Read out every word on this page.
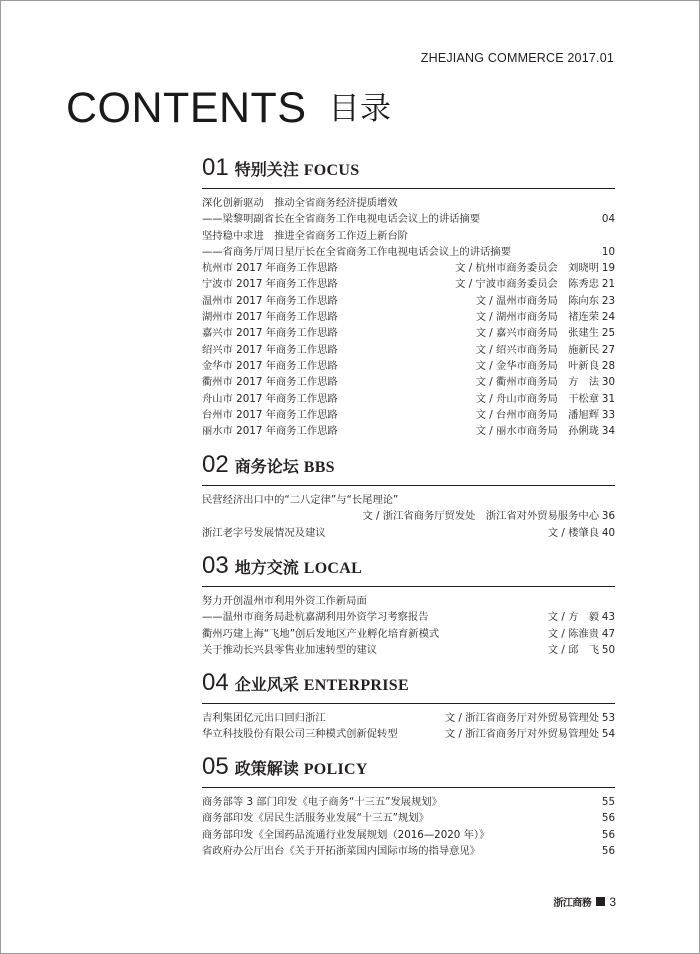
ZHEJIANG COMMERCE 2017.01
CONTENTS 目录
01 特别关注 FOCUS
深化创新驱动　推动全省商务经济提质增效
——梁黎明副省长在全省商务工作电视电话会议上的讲话摘要	04
坚持稳中求进　推进全省商务工作迈上新台阶
——省商务厅周日星厅长在全省商务工作电视电话会议上的讲话摘要	10
杭州市 2017 年商务工作思路	文 / 杭州市商务委员会　刘晓明 19
宁波市 2017 年商务工作思路	文 / 宁波市商务委员会　陈秀忠 21
温州市 2017 年商务工作思路	文 / 温州市商务局　陈向东 23
湖州市 2017 年商务工作思路	文 / 湖州市商务局　褚连荣 24
嘉兴市 2017 年商务工作思路	文 / 嘉兴市商务局　张建生 25
绍兴市 2017 年商务工作思路	文 / 绍兴市商务局　施新民 27
金华市 2017 年商务工作思路	文 / 金华市商务局　叶新良 28
衢州市 2017 年商务工作思路	文 / 衢州市商务局　方　法 30
舟山市 2017 年商务工作思路	文 / 舟山市商务局　干松章 31
台州市 2017 年商务工作思路	文 / 台州市商务局　潘旭辉 33
丽水市 2017 年商务工作思路	文 / 丽水市商务局　孙俐珑 34
02 商务论坛 BBS
民营经济出口中的“二八定律”与“长尾理论”
文 / 浙江省商务厅贸发处　浙江省对外贸易服务中心 36
浙江老字号发展情况及建议	文 / 楼肇良 40
03 地方交流 LOCAL
努力开创温州市利用外资工作新局面
——温州市商务局赴杭嘉湖利用外资学习考察报告	文 / 方　毅 43
衢州巧建上海“飞地”创后发地区产业孵化培育新模式	文 / 陈淮贵 47
关于推动长兴县零售业加速转型的建议	文 / 邱　飞 50
04 企业风采 ENTERPRISE
吉利集团亿元出口回归浙江	文 / 浙江省商务厅对外贸易管理处 53
华立科技股份有限公司三种模式创新促转型	文 / 浙江省商务厅对外贸易管理处 54
05 政策解读 POLICY
商务部等 3 部门印发《电子商务“十三五”发展规划》	55
商务部印发《居民生活服务业发展“十三五”规划》	56
商务部印发《全国药品流通行业发展规划（2016—2020 年）》	56
省政府办公厅出台《关于开拓浙菜国内国际市场的指导意见》	56
浙江商務 3
